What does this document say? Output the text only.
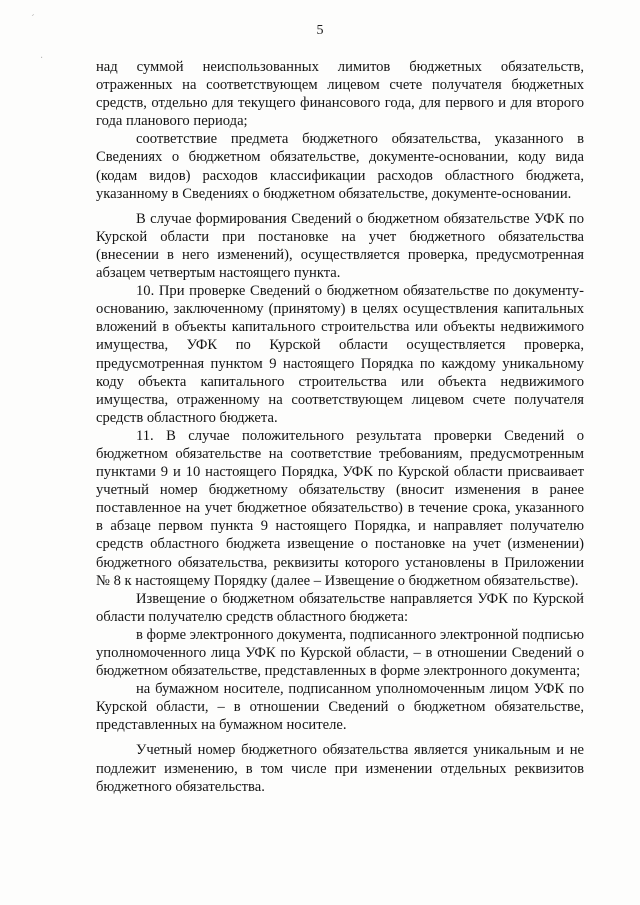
´
.
5

над суммой неиспользованных лимитов бюджетных обязательств, отраженных на соответствующем лицевом счете получателя бюджетных средств, отдельно для текущего финансового года, для первого и для второго года планового периода;

соответствие предмета бюджетного обязательства, указанного в Сведениях о бюджетном обязательстве, документе-основании, коду вида (кодам видов) расходов классификации расходов областного бюджета, указанному в Сведениях о бюджетном обязательстве, документе-основании.

В случае формирования Сведений о бюджетном обязательстве УФК по Курской области при постановке на учет бюджетного обязательства (внесении в него изменений), осуществляется проверка, предусмотренная абзацем четвертым настоящего пункта.

10. При проверке Сведений о бюджетном обязательстве по документу-основанию, заключенному (принятому) в целях осуществления капитальных вложений в объекты капитального строительства или объекты недвижимого имущества, УФК по Курской области осуществляется проверка, предусмотренная пунктом 9 настоящего Порядка по каждому уникальному коду объекта капитального строительства или объекта недвижимого имущества, отраженному на соответствующем лицевом счете получателя средств областного бюджета.

11. В случае положительного результата проверки Сведений о бюджетном обязательстве на соответствие требованиям, предусмотренным пунктами 9 и 10 настоящего Порядка, УФК по Курской области присваивает учетный номер бюджетному обязательству (вносит изменения в ранее поставленное на учет бюджетное обязательство) в течение срока, указанного в абзаце первом пункта 9 настоящего Порядка, и направляет получателю средств областного бюджета извещение о постановке на учет (изменении) бюджетного обязательства, реквизиты которого установлены в Приложении № 8 к настоящему Порядку (далее – Извещение о бюджетном обязательстве).

Извещение о бюджетном обязательстве направляется УФК по Курской области получателю средств областного бюджета:

в форме электронного документа, подписанного электронной подписью уполномоченного лица УФК по Курской области, – в отношении Сведений о бюджетном обязательстве, представленных в форме электронного документа;

на бумажном носителе, подписанном уполномоченным лицом УФК по Курской области, – в отношении Сведений о бюджетном обязательстве, представленных на бумажном носителе.

Учетный номер бюджетного обязательства является уникальным и не подлежит изменению, в том числе при изменении отдельных реквизитов бюджетного обязательства.
